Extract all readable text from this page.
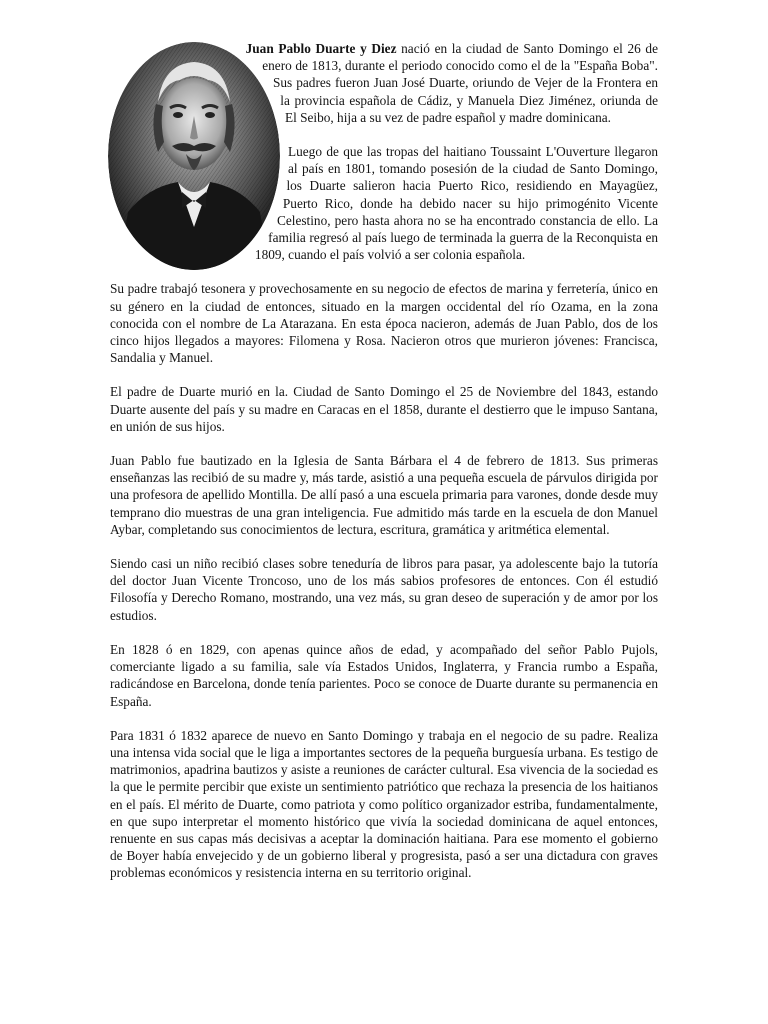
Juan Pablo Duarte y Diez nació en la ciudad de Santo Domingo el 26 de enero de 1813, durante el periodo conocido como el de la "España Boba". Sus padres fueron Juan José Duarte, oriundo de Vejer de la Frontera en la provincia española de Cádiz, y Manuela Diez Jiménez, oriunda de El Seibo, hija a su vez de padre español y madre dominicana.

Luego de que las tropas del haitiano Toussaint L'Ouverture llegaron al país en 1801, tomando posesión de la ciudad de Santo Domingo, los Duarte salieron hacia Puerto Rico, residiendo en Mayagüez, Puerto Rico, donde ha debido nacer su hijo primogénito Vicente Celestino, pero hasta ahora no se ha encontrado constancia de ello. La familia regresó al país luego de terminada la guerra de la Reconquista en 1809, cuando el país volvió a ser colonia española.

Su padre trabajó tesonera y provechosamente en su negocio de efectos de marina y ferretería, único en su género en la ciudad de entonces, situado en la margen occidental del río Ozama, en la zona conocida con el nombre de La Atarazana. En esta época nacieron, además de Juan Pablo, dos de los cinco hijos llegados a mayores: Filomena y Rosa. Nacieron otros que murieron jóvenes: Francisca, Sandalia y Manuel.

El padre de Duarte murió en la. Ciudad de Santo Domingo el 25 de Noviembre del 1843, estando Duarte ausente del país y su madre en Caracas en el 1858, durante el destierro que le impuso Santana, en unión de sus hijos.

Juan Pablo fue bautizado en la Iglesia de Santa Bárbara el 4 de febrero de 1813. Sus primeras enseñanzas las recibió de su madre y, más tarde, asistió a una pequeña escuela de párvulos dirigida por una profesora de apellido Montilla. De allí pasó a una escuela primaria para varones, donde desde muy temprano dio muestras de una gran inteligencia. Fue admitido más tarde en la escuela de don Manuel Aybar, completando sus conocimientos de lectura, escritura, gramática y aritmética elemental.

Siendo casi un niño recibió clases sobre teneduría de libros para pasar, ya adolescente bajo la tutoría del doctor Juan Vicente Troncoso, uno de los más sabios profesores de entonces. Con él estudió Filosofía y Derecho Romano, mostrando, una vez más, su gran deseo de superación y de amor por los estudios.

En 1828 ó en 1829, con apenas quince años de edad, y acompañado del señor Pablo Pujols, comerciante ligado a su familia, sale vía Estados Unidos, Inglaterra, y Francia rumbo a España, radicándose en Barcelona, donde tenía parientes. Poco se conoce de Duarte durante su permanencia en España.

Para 1831 ó 1832 aparece de nuevo en Santo Domingo y trabaja en el negocio de su padre. Realiza una intensa vida social que le liga a importantes sectores de la pequeña burguesía urbana. Es testigo de matrimonios, apadrina bautizos y asiste a reuniones de carácter cultural. Esa vivencia de la sociedad es la que le permite percibir que existe un sentimiento patriótico que rechaza la presencia de los haitianos en el país. El mérito de Duarte, como patriota y como político organizador estriba, fundamentalmente, en que supo interpretar el momento histórico que vivía la sociedad dominicana de aquel entonces, renuente en sus capas más decisivas a aceptar la dominación haitiana. Para ese momento el gobierno de Boyer había envejecido y de un gobierno liberal y progresista, pasó a ser una dictadura con graves problemas económicos y resistencia interna en su territorio original.
